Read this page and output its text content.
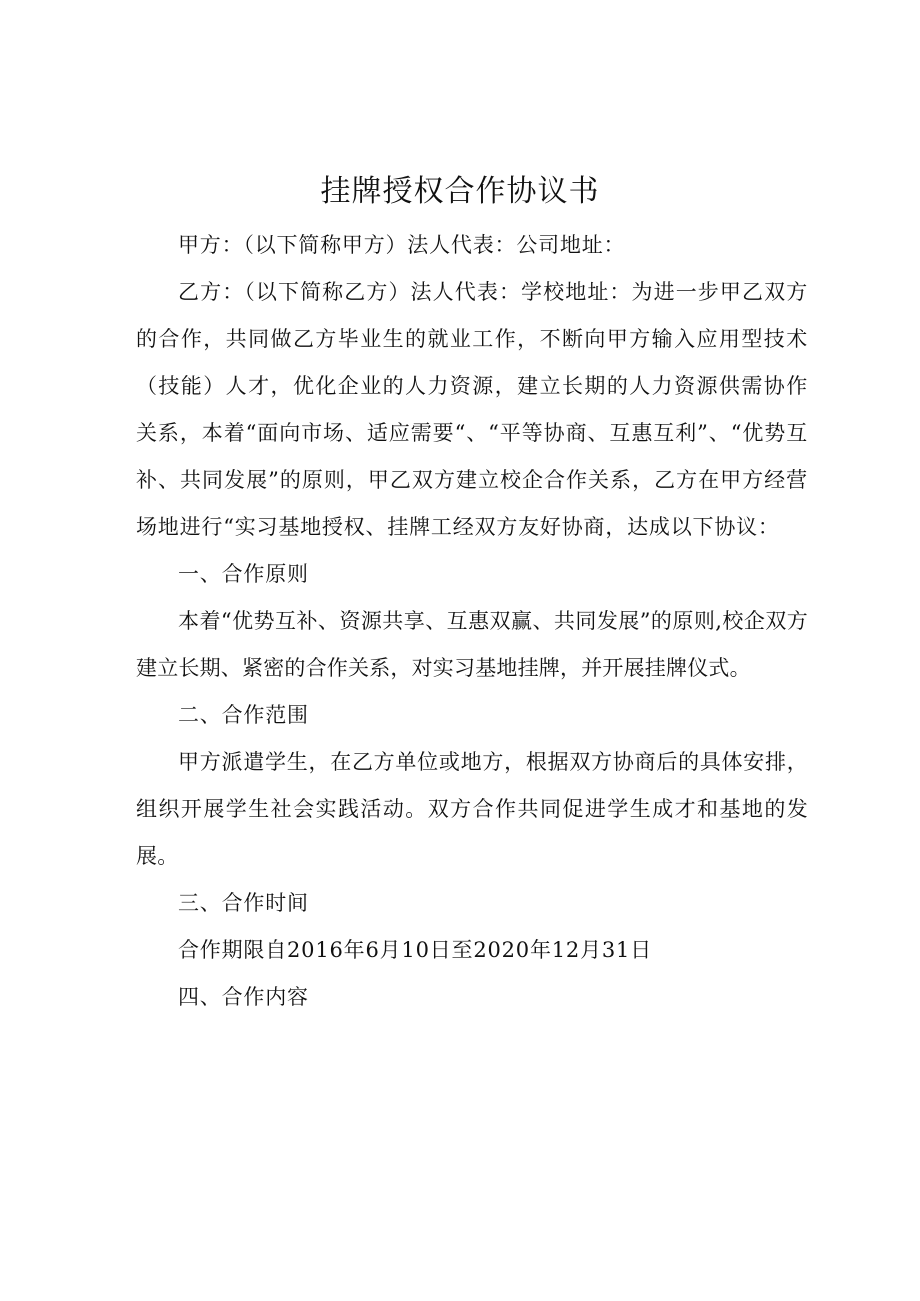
挂牌授权合作协议书

甲方：（以下简称甲方）法人代表：公司地址：

乙方：（以下简称乙方）法人代表：学校地址：为进一步甲乙双方的合作，共同做乙方毕业生的就业工作，不断向甲方输入应用型技术（技能）人才，优化企业的人力资源，建立长期的人力资源供需协作关系，本着“面向市场、适应需要“、“平等协商、互惠互利”、“优势互补、共同发展”的原则，甲乙双方建立校企合作关系，乙方在甲方经营场地进行“实习基地授权、挂牌工经双方友好协商，达成以下协议：

一、合作原则

本着“优势互补、资源共享、互惠双赢、共同发展”的原则,校企双方建立长期、紧密的合作关系，对实习基地挂牌，并开展挂牌仪式。

二、合作范围

甲方派遣学生，在乙方单位或地方，根据双方协商后的具体安排，组织开展学生社会实践活动。双方合作共同促进学生成才和基地的发展。

三、合作时间

合作期限自2016年6月10日至2020年12月31日

四、合作内容
